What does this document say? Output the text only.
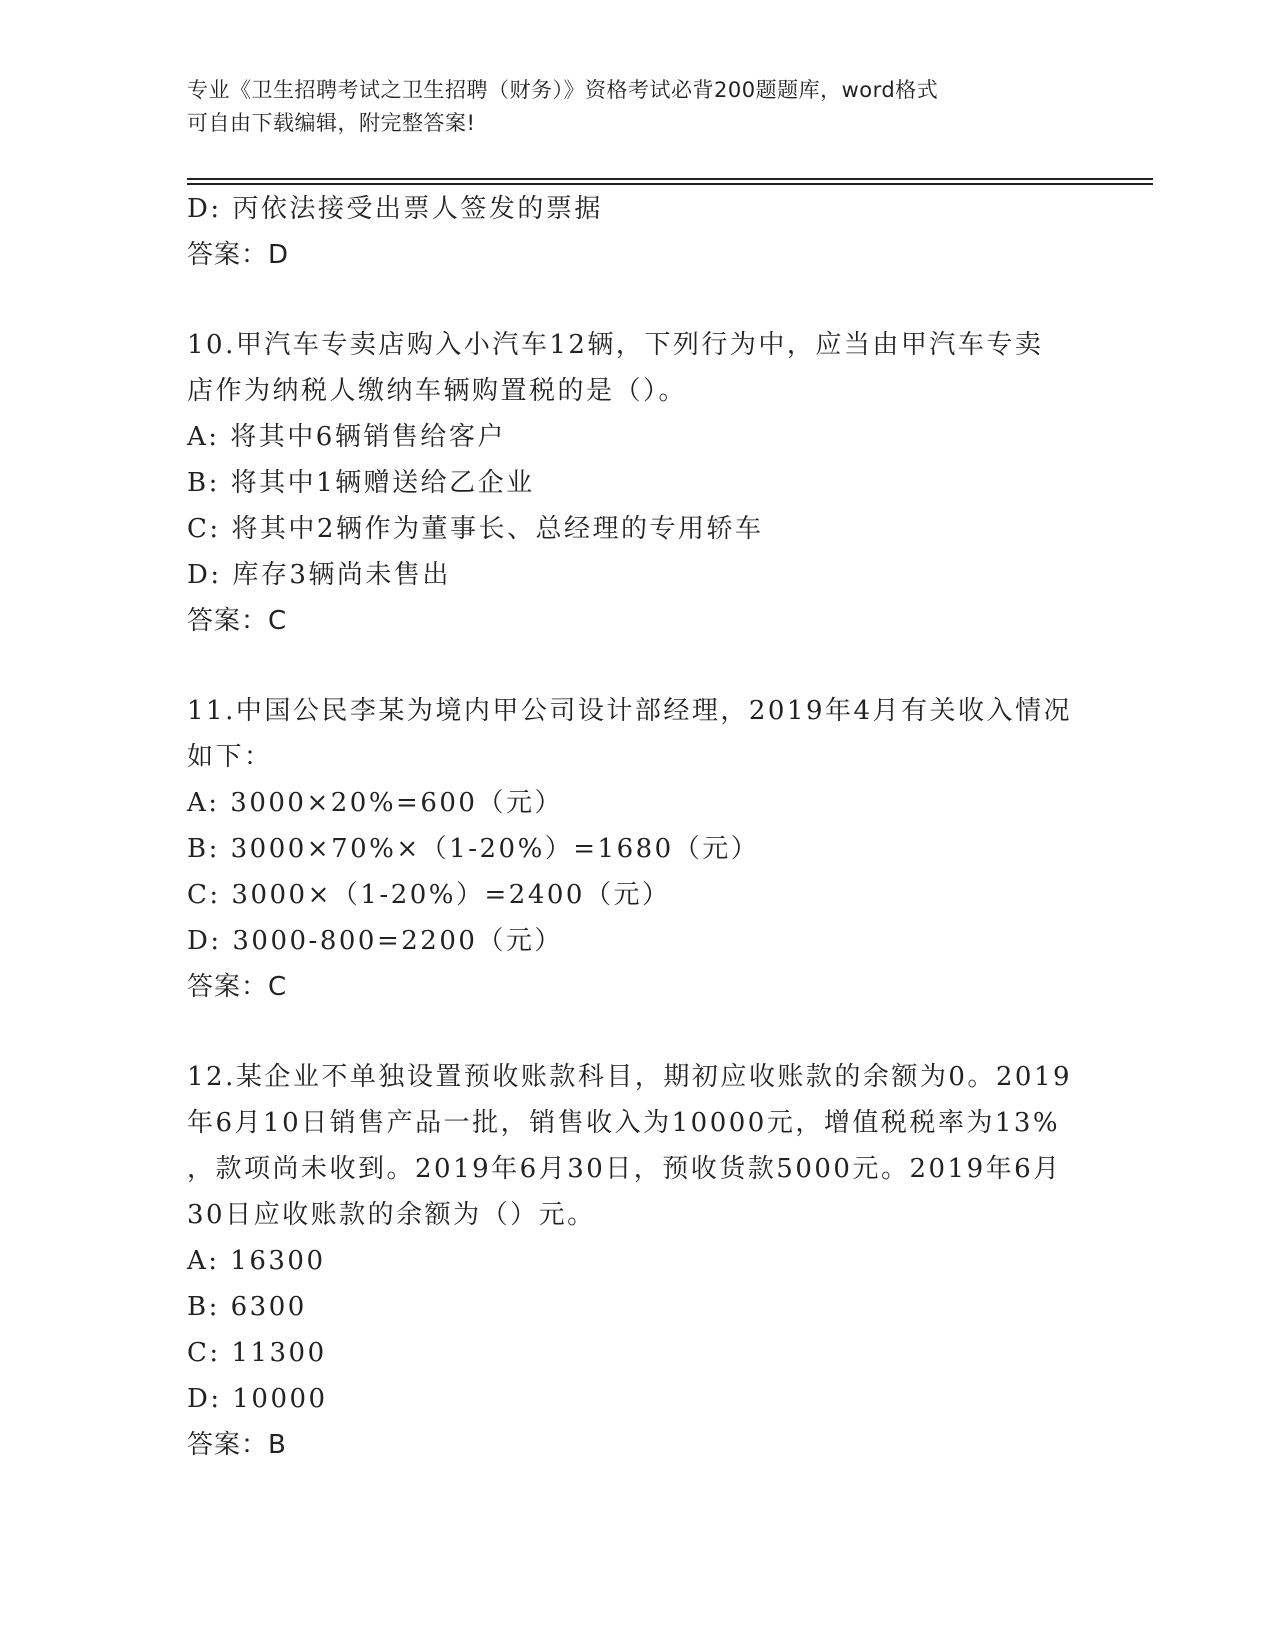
专业《卫生招聘考试之卫生招聘（财务）》资格考试必背200题题库，word格式
可自由下载编辑，附完整答案!
D: 丙依法接受出票人签发的票据
答案：D
10.甲汽车专卖店购入小汽车12辆，下列行为中，应当由甲汽车专卖
店作为纳税人缴纳车辆购置税的是（）。
A: 将其中6辆销售给客户
B: 将其中1辆赠送给乙企业
C: 将其中2辆作为董事长、总经理的专用轿车
D: 库存3辆尚未售出
答案：C
11.中国公民李某为境内甲公司设计部经理，2019年4月有关收入情况
如下：
A: 3000×20%=600（元）
B: 3000×70%×（1-20%）=1680（元）
C: 3000×（1-20%）=2400（元）
D: 3000-800=2200（元）
答案：C
12.某企业不单独设置预收账款科目，期初应收账款的余额为0。2019
年6月10日销售产品一批，销售收入为10000元，增值税税率为13%
，款项尚未收到。2019年6月30日，预收货款5000元。2019年6月
30日应收账款的余额为（）元。
A: 16300
B: 6300
C: 11300
D: 10000
答案：B
